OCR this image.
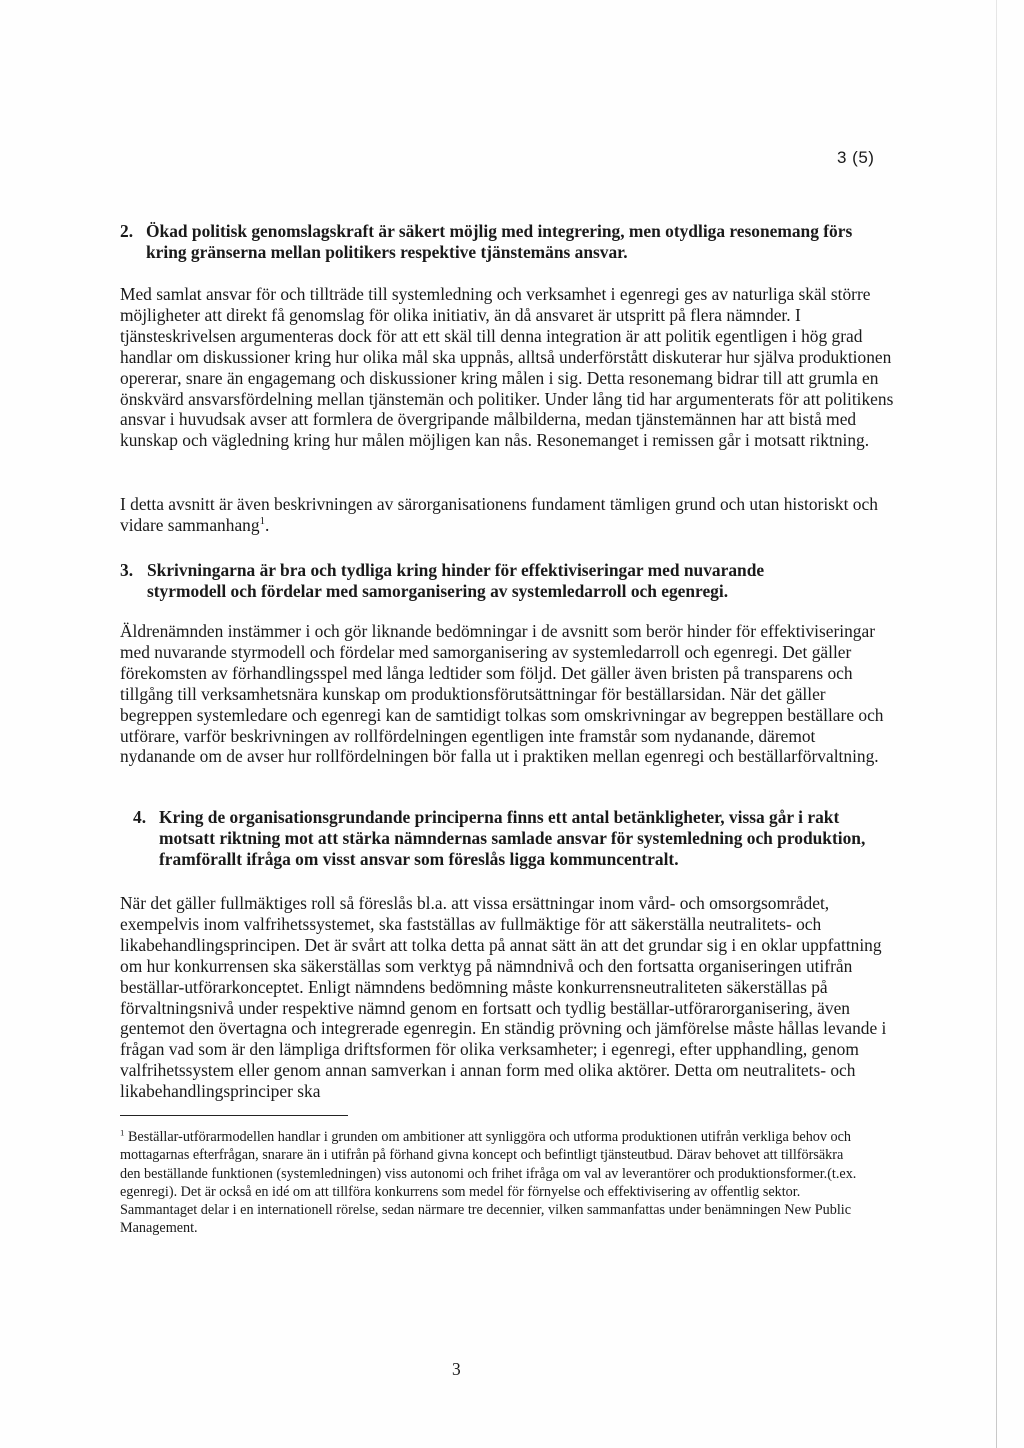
3 (5)
2. Ökad politisk genomslagskraft är säkert möjlig med integrering, men otydliga resonemang förs kring gränserna mellan politikers respektive tjänstemäns ansvar.

Med samlat ansvar för och tillträde till systemledning och verksamhet i egenregi ges av naturliga skäl större möjligheter att direkt få genomslag för olika initiativ, än då ansvaret är utspritt på flera nämnder. I tjänsteskrivelsen argumenteras dock för att ett skäl till denna integration är att politik egentligen i hög grad handlar om diskussioner kring hur olika mål ska uppnås, alltså underförstått diskuterar hur själva produktionen opererar, snare än engagemang och diskussioner kring målen i sig. Detta resonemang bidrar till att grumla en önskvärd ansvarsfördelning mellan tjänstemän och politiker. Under lång tid har argumenterats för att politikens ansvar i huvudsak avser att formlera de övergripande målbilderna, medan tjänstemännen har att bistå med kunskap och vägledning kring hur målen möjligen kan nås. Resonemanget i remissen går i motsatt riktning.

I detta avsnitt är även beskrivningen av särorganisationens fundament tämligen grund och utan historiskt och vidare sammanhang$^1$.

3. Skrivningarna är bra och tydliga kring hinder för effektiviseringar med nuvarande styrmodell och fördelar med samorganisering av systemledarroll och egenregi.

Äldrenämnden instämmer i och gör liknande bedömningar i de avsnitt som berör hinder för effektiviseringar med nuvarande styrmodell och fördelar med samorganisering av systemledarroll och egenregi. Det gäller förekomsten av förhandlingsspel med långa ledtider som följd. Det gäller även bristen på transparens och tillgång till verksamhetsnära kunskap om produktionsförutsättningar för beställarsidan. När det gäller begreppen systemledare och egenregi kan de samtidigt tolkas som omskrivningar av begreppen beställare och utförare, varför beskrivningen av rollfördelningen egentligen inte framstår som nydanande, däremot nydanande om de avser hur rollfördelningen bör falla ut i praktiken mellan egenregi och beställarförvaltning.

4. Kring de organisationsgrundande principerna finns ett antal betänkligheter, vissa går i rakt motsatt riktning mot att stärka nämndernas samlade ansvar för systemledning och produktion, framförallt ifråga om visst ansvar som föreslås ligga kommuncentralt.

När det gäller fullmäktiges roll så föreslås bl.a. att vissa ersättningar inom vård- och omsorgsområdet, exempelvis inom valfrihetssystemet, ska fastställas av fullmäktige för att säkerställa neutralitets- och likabehandlingsprincipen. Det är svårt att tolka detta på annat sätt än att det grundar sig i en oklar uppfattning om hur konkurrensen ska säkerställas som verktyg på nämndnivå och den fortsatta organiseringen utifrån beställar-utförarkonceptet. Enligt nämndens bedömning måste konkurrensneutraliteten säkerställas på förvaltningsnivå under respektive nämnd genom en fortsatt och tydlig beställar-utförarorganisering, även gentemot den övertagna och integrerade egenregin. En ständig prövning och jämförelse måste hållas levande i frågan vad som är den lämpliga driftsformen för olika verksamheter; i egenregi, efter upphandling, genom valfrihetssystem eller genom annan samverkan i annan form med olika aktörer. Detta om neutralitets- och likabehandlingsprinciper ska

$^1$ Beställar-utförarmodellen handlar i grunden om ambitioner att synliggöra och utforma produktionen utifrån verkliga behov och mottagarnas efterfrågan, snarare än i utifrån på förhand givna koncept och befintligt tjänsteutbud. Därav behovet att tillförsäkra den beställande funktionen (systemledningen) viss autonomi och frihet ifråga om val av leverantörer och produktionsformer.(t.ex. egenregi). Det är också en idé om att tillföra konkurrens som medel för förnyelse och effektivisering av offentlig sektor. Sammantaget delar i en internationell rörelse, sedan närmare tre decennier, vilken sammanfattas under benämningen New Public Management.
3
